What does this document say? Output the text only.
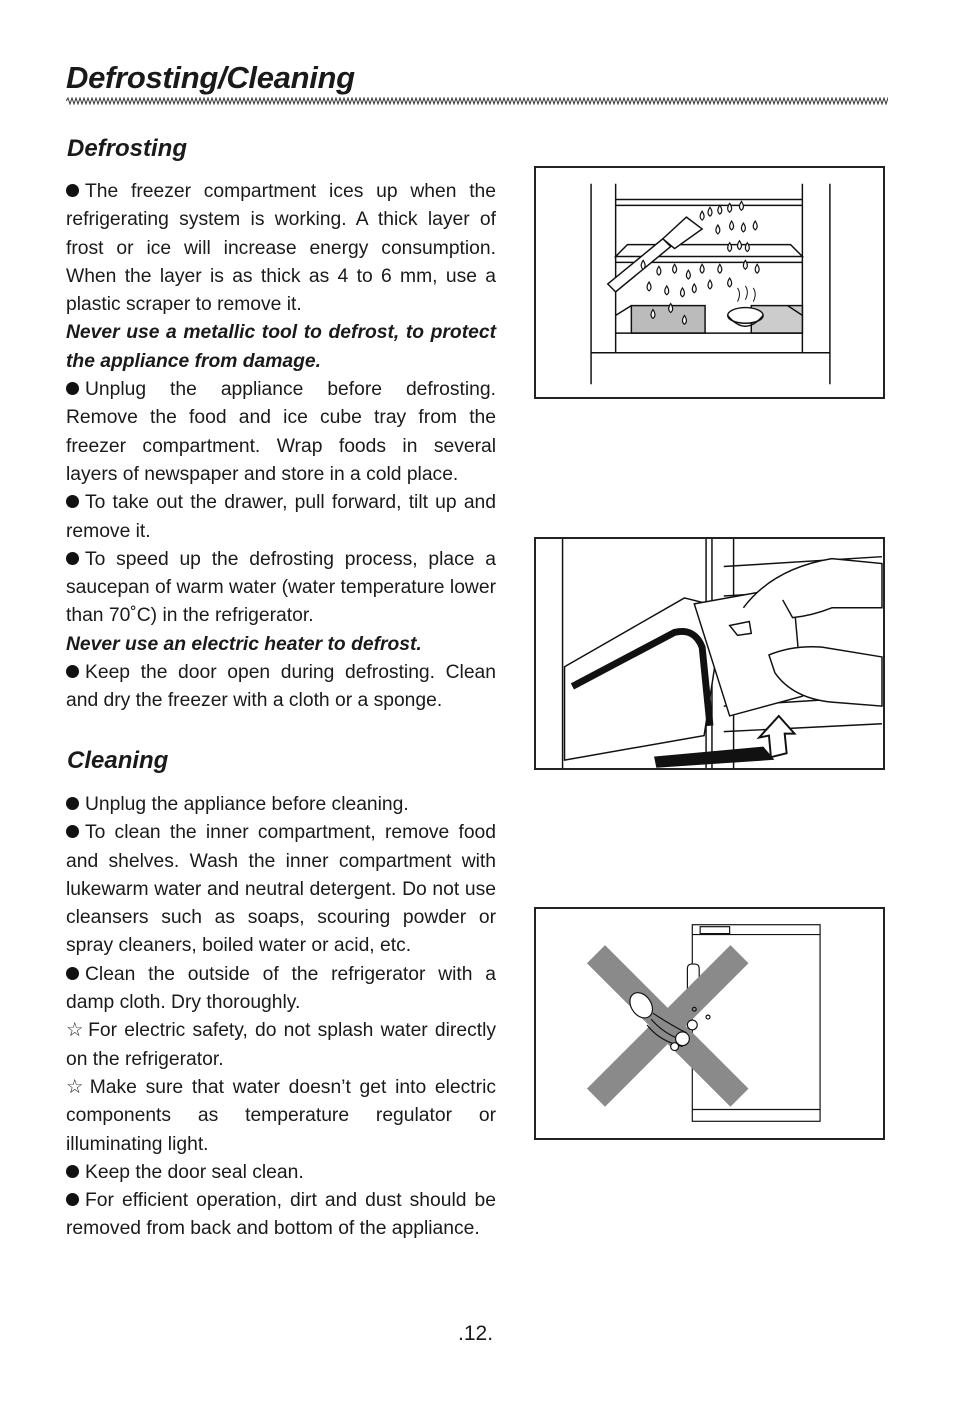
Defrosting/Cleaning
Defrosting

The freezer compartment ices up when the refrigerating system is working. A thick layer of frost or ice will increase energy consumption. When the layer is as thick as 4 to 6 mm, use a plastic scraper to remove it.

Never use a metallic tool to defrost, to protect the appliance from damage.

Unplug the appliance before defrosting. Remove the food and ice cube tray from the freezer compartment. Wrap foods in several layers of newspaper and store in a cold place.

To take out the drawer, pull forward, tilt up and remove it.

To speed up the defrosting process, place a saucepan of warm water (water temperature lower than 70˚C) in the refrigerator.

Never use an electric heater to defrost.

Keep the door open during defrosting. Clean and dry the freezer with a cloth or a sponge.

Cleaning

Unplug the appliance before cleaning.

To clean the inner compartment, remove food and shelves. Wash the inner compartment with lukewarm water and neutral detergent. Do not use cleansers such as soaps, scouring powder or spray cleaners, boiled water or acid, etc.

Clean the outside of the refrigerator with a damp cloth. Dry thoroughly.

☆ For electric safety, do not splash water directly on the refrigerator.

☆ Make sure that water doesn’t get into electric components as temperature regulator or illuminating light.

Keep the door seal clean.

For efficient operation, dirt and dust should be removed from back and bottom of the appliance.

.12.
